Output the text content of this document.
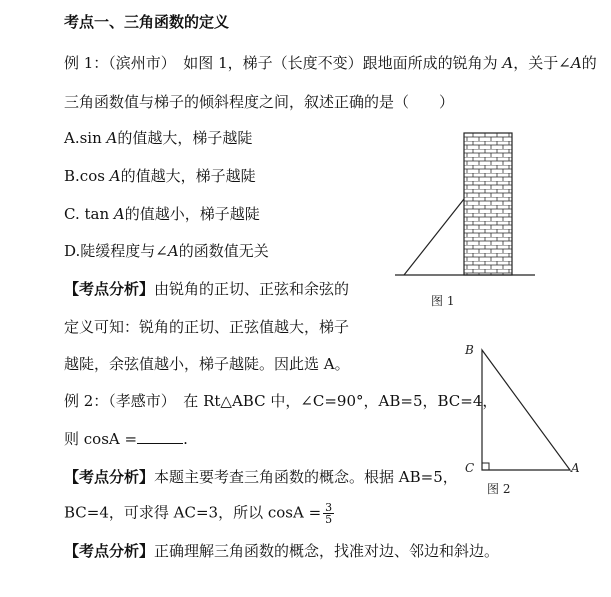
考点一、三角函数的定义
例 1：（滨州市）　如图 1，梯子（长度不变）跟地面所成的锐角为 A，关于∠A的
三角函数值与梯子的倾斜程度之间，叙述正确的是（　　）
A.sin A的值越大，梯子越陡
B.cos A的值越大，梯子越陡
C. tan A的值越小，梯子越陡
D.陡缓程度与∠A的函数值无关
【考点分析】由锐角的正切、正弦和余弦的
定义可知：锐角的正切、正弦值越大，梯子
越陡，余弦值越小，梯子越陡。因此选 A。
图 1
例 2：（孝感市）　在 Rt△ABC 中，∠C=90°，AB=5，BC=4，
则 cosA =	.
【考点分析】本题主要考查三角函数的概念。根据 AB=5，
BC=4，可求得 AC=3，所以 $\cos A = \frac{3}{5}$
B
C	A
图 2
【考点分析】正确理解三角函数的概念，找准对边、邻边和斜边。
